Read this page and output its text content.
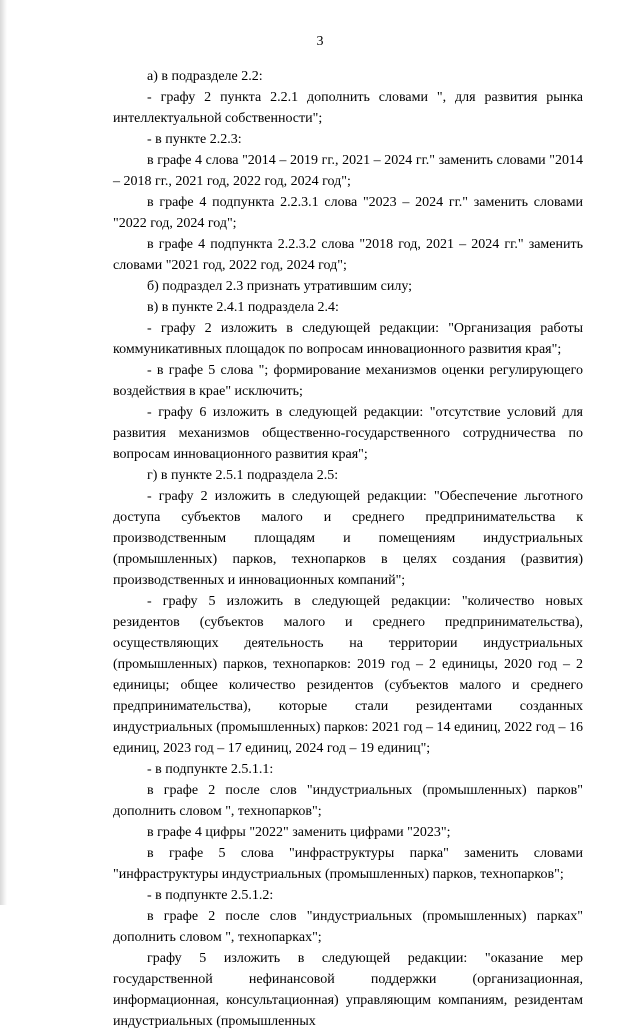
3

а) в подразделе 2.2:

- графу 2 пункта 2.2.1 дополнить словами ", для развития рынка интеллектуальной собственности";

- в пункте 2.2.3:

в графе 4 слова "2014 – 2019 гг., 2021 – 2024 гг." заменить словами "2014 – 2018 гг., 2021 год, 2022 год, 2024 год";

в графе 4 подпункта 2.2.3.1 слова "2023 – 2024 гг." заменить словами "2022 год, 2024 год";

в графе 4 подпункта 2.2.3.2 слова "2018 год, 2021 – 2024 гг." заменить словами "2021 год, 2022 год, 2024 год";

б) подраздел 2.3 признать утратившим силу;

в) в пункте 2.4.1 подраздела 2.4:

- графу 2 изложить в следующей редакции: "Организация работы коммуникативных площадок по вопросам инновационного развития края";

- в графе 5 слова "; формирование механизмов оценки регулирующего воздействия в крае" исключить;

- графу 6 изложить в следующей редакции: "отсутствие условий для развития механизмов общественно-государственного сотрудничества по вопросам инновационного развития края";

г) в пункте 2.5.1 подраздела 2.5:

- графу 2 изложить в следующей редакции: "Обеспечение льготного доступа субъектов малого и среднего предпринимательства к производственным площадям и помещениям индустриальных (промышленных) парков, технопарков в целях создания (развития) производственных и инновационных компаний";

- графу 5 изложить в следующей редакции: "количество новых резидентов (субъектов малого и среднего предпринимательства), осуществляющих деятельность на территории индустриальных (промышленных) парков, технопарков: 2019 год – 2 единицы, 2020 год – 2 единицы; общее количество резидентов (субъектов малого и среднего предпринимательства), которые стали резидентами созданных индустриальных (промышленных) парков: 2021 год – 14 единиц, 2022 год – 16 единиц, 2023 год – 17 единиц, 2024 год – 19 единиц";

- в подпункте 2.5.1.1:

в графе 2 после слов "индустриальных (промышленных) парков" дополнить словом ", технопарков";

в графе 4 цифры "2022" заменить цифрами "2023";

в графе 5 слова "инфраструктуры парка" заменить словами "инфраструктуры индустриальных (промышленных) парков, технопарков";

- в подпункте 2.5.1.2:

в графе 2 после слов "индустриальных (промышленных) парках" дополнить словом ", технопарках";

графу 5 изложить в следующей редакции: "оказание мер государственной нефинансовой поддержки (организационная, информационная, консультационная) управляющим компаниям, резидентам индустриальных (промышленных
